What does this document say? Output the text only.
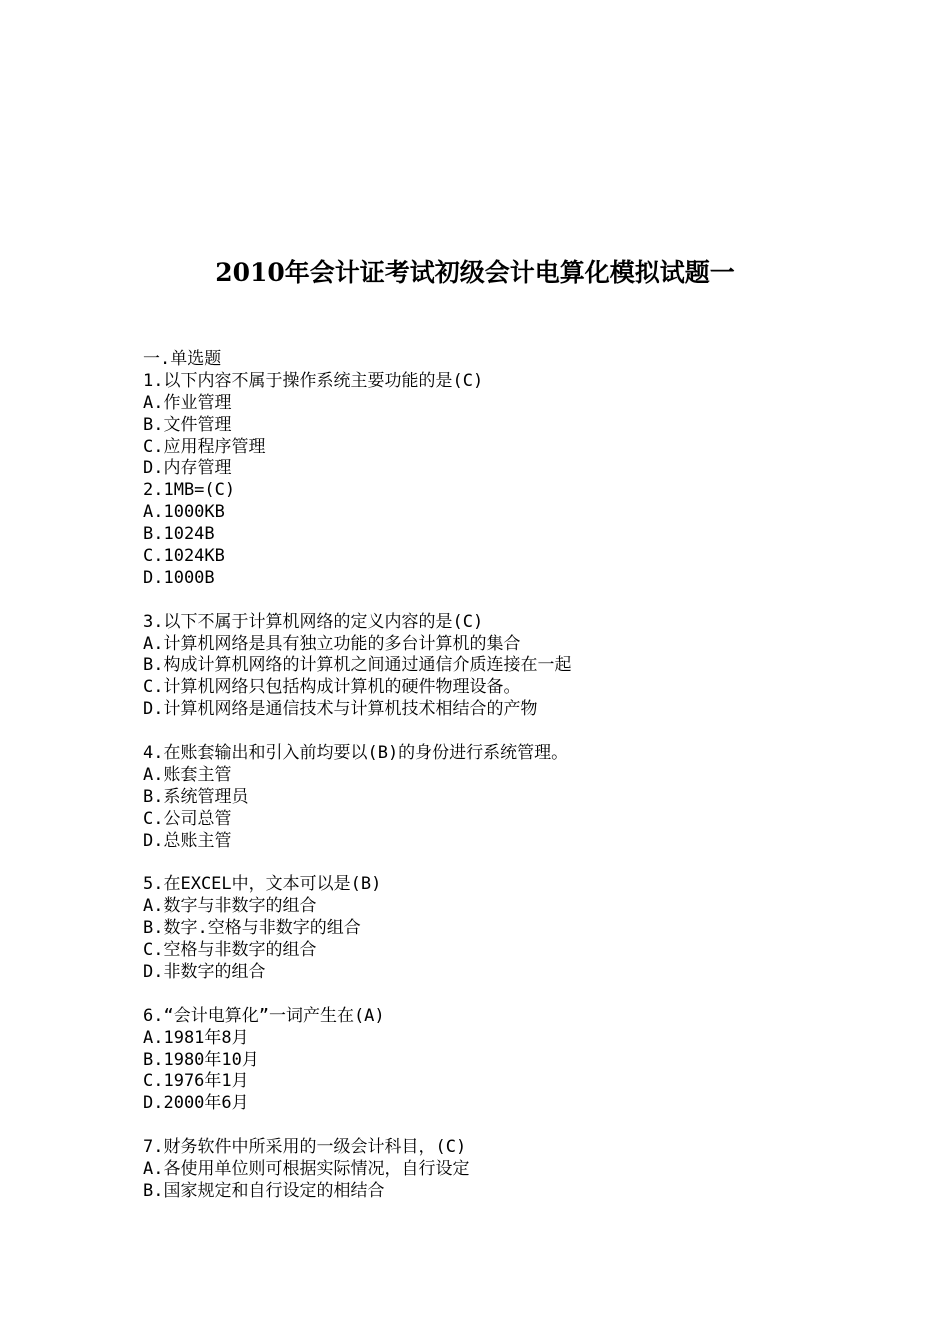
2010年会计证考试初级会计电算化模拟试题一
一.单选题
1.以下内容不属于操作系统主要功能的是(C)
A.作业管理
B.文件管理
C.应用程序管理
D.内存管理
2.1MB=(C)
A.1000KB
B.1024B
C.1024KB
D.1000B
3.以下不属于计算机网络的定义内容的是(C)
A.计算机网络是具有独立功能的多台计算机的集合
B.构成计算机网络的计算机之间通过通信介质连接在一起
C.计算机网络只包括构成计算机的硬件物理设备。
D.计算机网络是通信技术与计算机技术相结合的产物
4.在账套输出和引入前均要以(B)的身份进行系统管理。
A.账套主管
B.系统管理员
C.公司总管
D.总账主管
5.在EXCEL中，文本可以是(B)
A.数字与非数字的组合
B.数字.空格与非数字的组合
C.空格与非数字的组合
D.非数字的组合
6.“会计电算化”一词产生在(A)
A.1981年8月
B.1980年10月
C.1976年1月
D.2000年6月
7.财务软件中所采用的一级会计科目，(C)
A.各使用单位则可根据实际情况，自行设定
B.国家规定和自行设定的相结合
